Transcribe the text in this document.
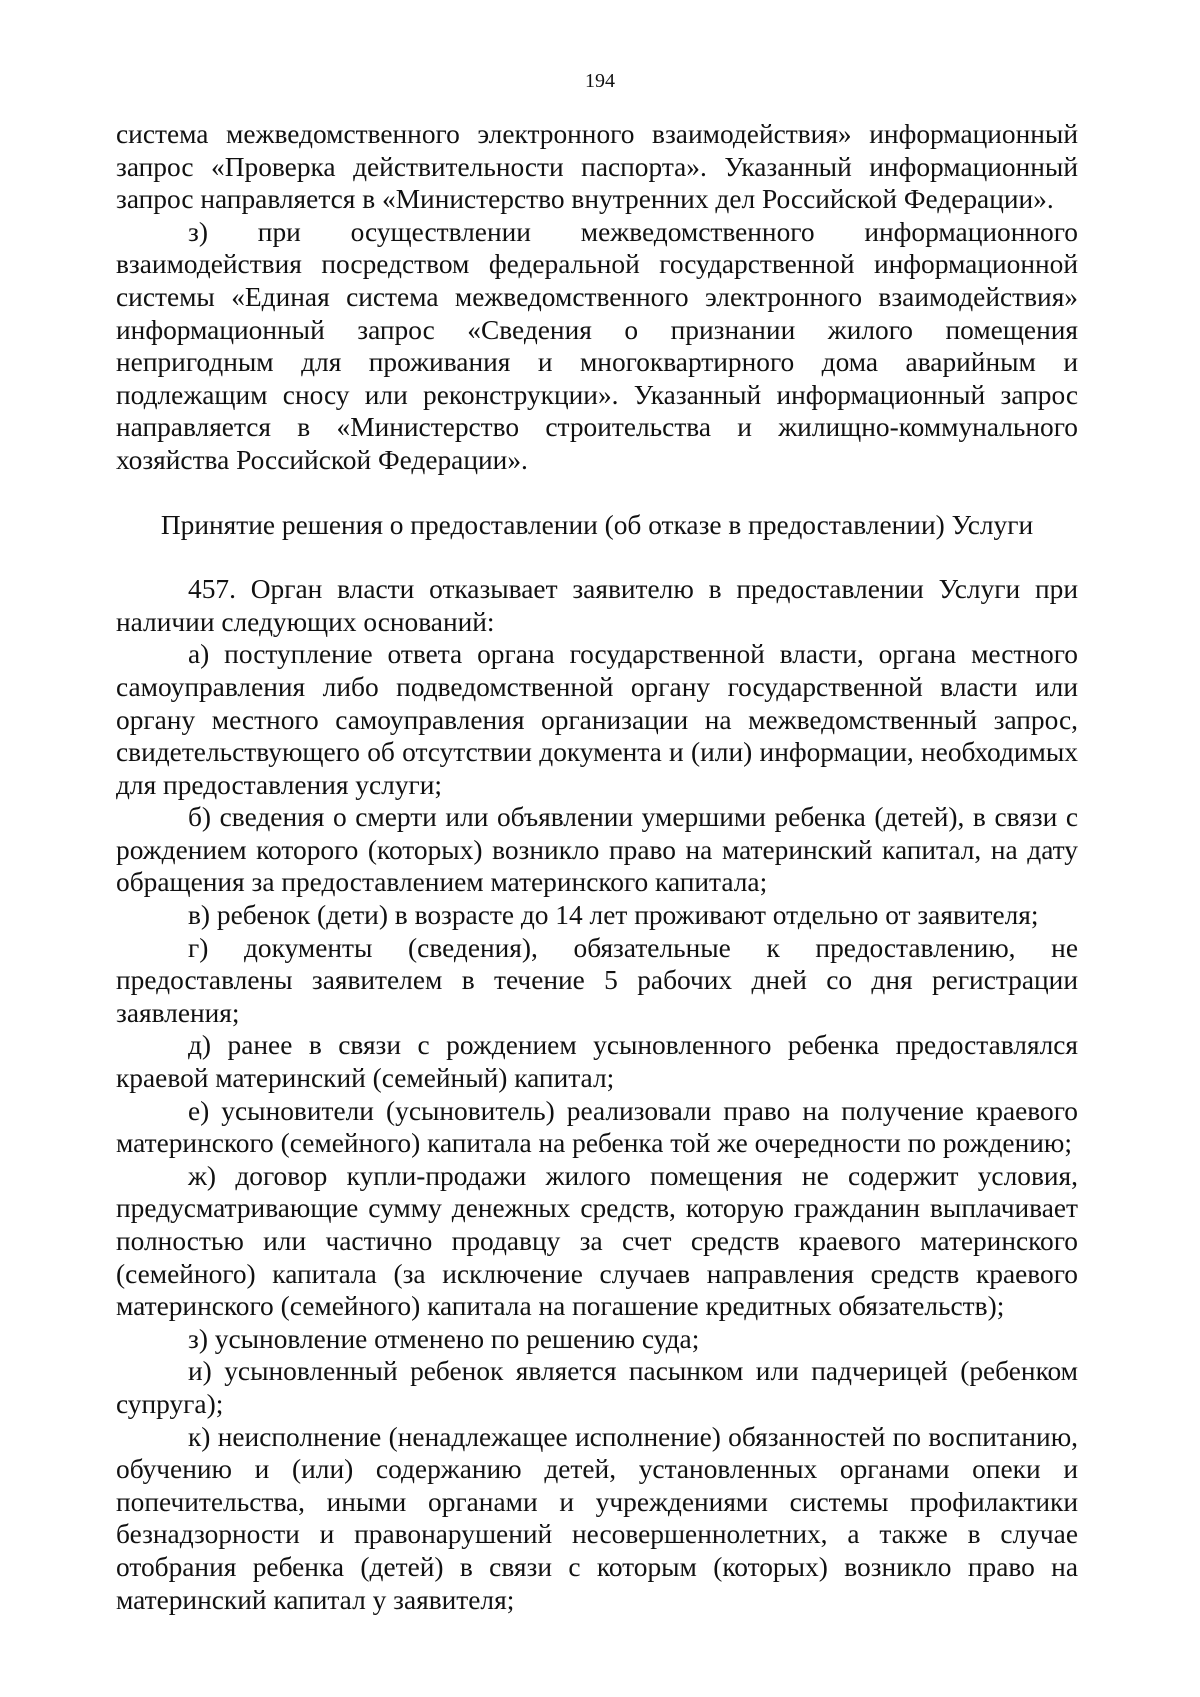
194

система межведомственного электронного взаимодействия» информационный запрос «Проверка действительности паспорта». Указанный информационный запрос направляется в «Министерство внутренних дел Российской Федерации».

з) при осуществлении межведомственного информационного взаимодействия посредством федеральной государственной информационной системы «Единая система межведомственного электронного взаимодействия» информационный запрос «Сведения о признании жилого помещения непригодным для проживания и многоквартирного дома аварийным и подлежащим сносу или реконструкции». Указанный информационный запрос направляется в «Министерство строительства и жилищно-коммунального хозяйства Российской Федерации».

Принятие решения о предоставлении (об отказе в предоставлении) Услуги

457. Орган власти отказывает заявителю в предоставлении Услуги при наличии следующих оснований:

а) поступление ответа органа государственной власти, органа местного самоуправления либо подведомственной органу государственной власти или органу местного самоуправления организации на межведомственный запрос, свидетельствующего об отсутствии документа и (или) информации, необходимых для предоставления услуги;

б) сведения о смерти или объявлении умершими ребенка (детей), в связи с рождением которого (которых) возникло право на материнский капитал, на дату обращения за предоставлением материнского капитала;

в) ребенок (дети) в возрасте до 14 лет проживают отдельно от заявителя;

г) документы (сведения), обязательные к предоставлению, не предоставлены заявителем в течение 5 рабочих дней со дня регистрации заявления;

д) ранее в связи с рождением усыновленного ребенка предоставлялся краевой материнский (семейный) капитал;

е) усыновители (усыновитель) реализовали право на получение краевого материнского (семейного) капитала на ребенка той же очередности по рождению;

ж) договор купли-продажи жилого помещения не содержит условия, предусматривающие сумму денежных средств, которую гражданин выплачивает полностью или частично продавцу за счет средств краевого материнского (семейного) капитала (за исключение случаев направления средств краевого материнского (семейного) капитала на погашение кредитных обязательств);

з) усыновление отменено по решению суда;

и) усыновленный ребенок является пасынком или падчерицей (ребенком супруга);

к) неисполнение (ненадлежащее исполнение) обязанностей по воспитанию, обучению и (или) содержанию детей, установленных органами опеки и попечительства, иными органами и учреждениями системы профилактики безнадзорности и правонарушений несовершеннолетних, а также в случае отобрания ребенка (детей) в связи с которым (которых) возникло право на материнский капитал у заявителя;
